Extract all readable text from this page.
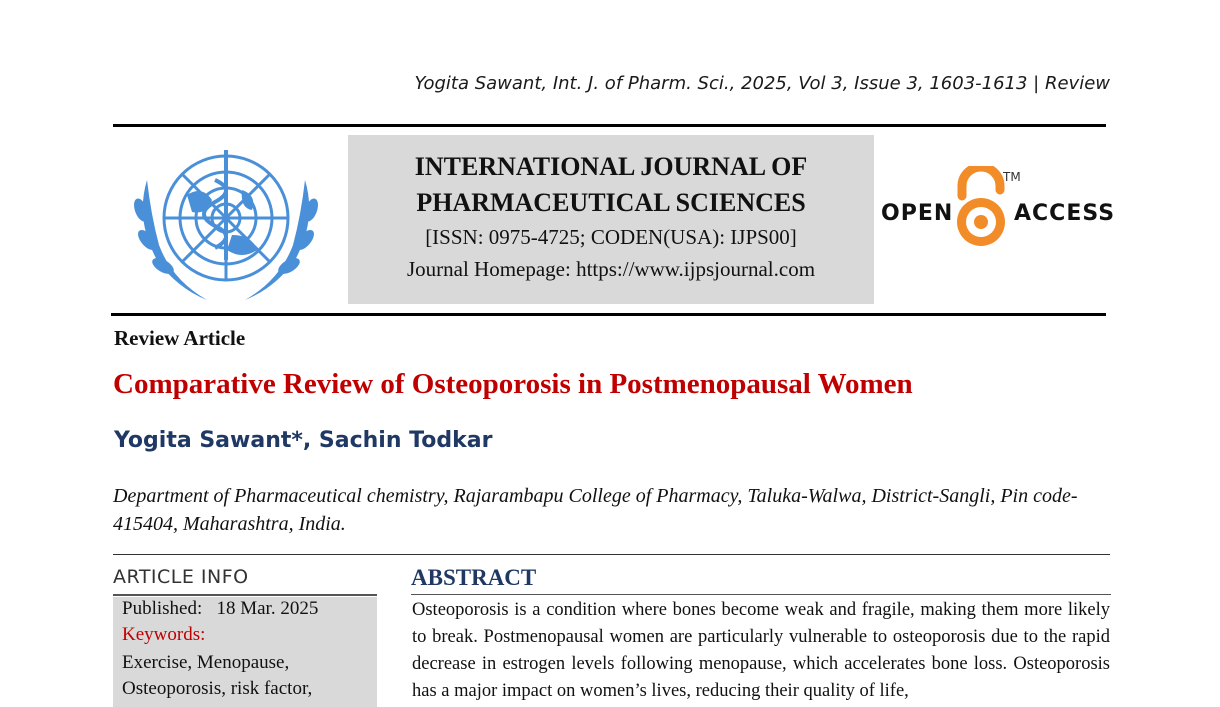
Yogita Sawant, Int. J. of Pharm. Sci., 2025, Vol 3, Issue 3, 1603-1613 | Review
INTERNATIONAL JOURNAL OF
PHARMACEUTICAL SCIENCES
[ISSN: 0975-4725; CODEN(USA): IJPS00]
Journal Homepage: https://www.ijpsjournal.com
OPEN
TM
ACCESS
Review Article
Comparative Review of Osteoporosis in Postmenopausal Women
Yogita Sawant*, Sachin Todkar
Department of Pharmaceutical chemistry, Rajarambapu College of Pharmacy, Taluka-Walwa, District-Sangli, Pin code-415404, Maharashtra, India.
ARTICLE INFO
Published:   18 Mar. 2025
Keywords:
Exercise, Menopause,
Osteoporosis, risk factor,
ABSTRACT

Osteoporosis is a condition where bones become weak and fragile, making them more likely to break. Postmenopausal women are particularly vulnerable to osteoporosis due to the rapid decrease in estrogen levels following menopause, which accelerates bone loss. Osteoporosis has a major impact on women’s lives, reducing their quality of life,
